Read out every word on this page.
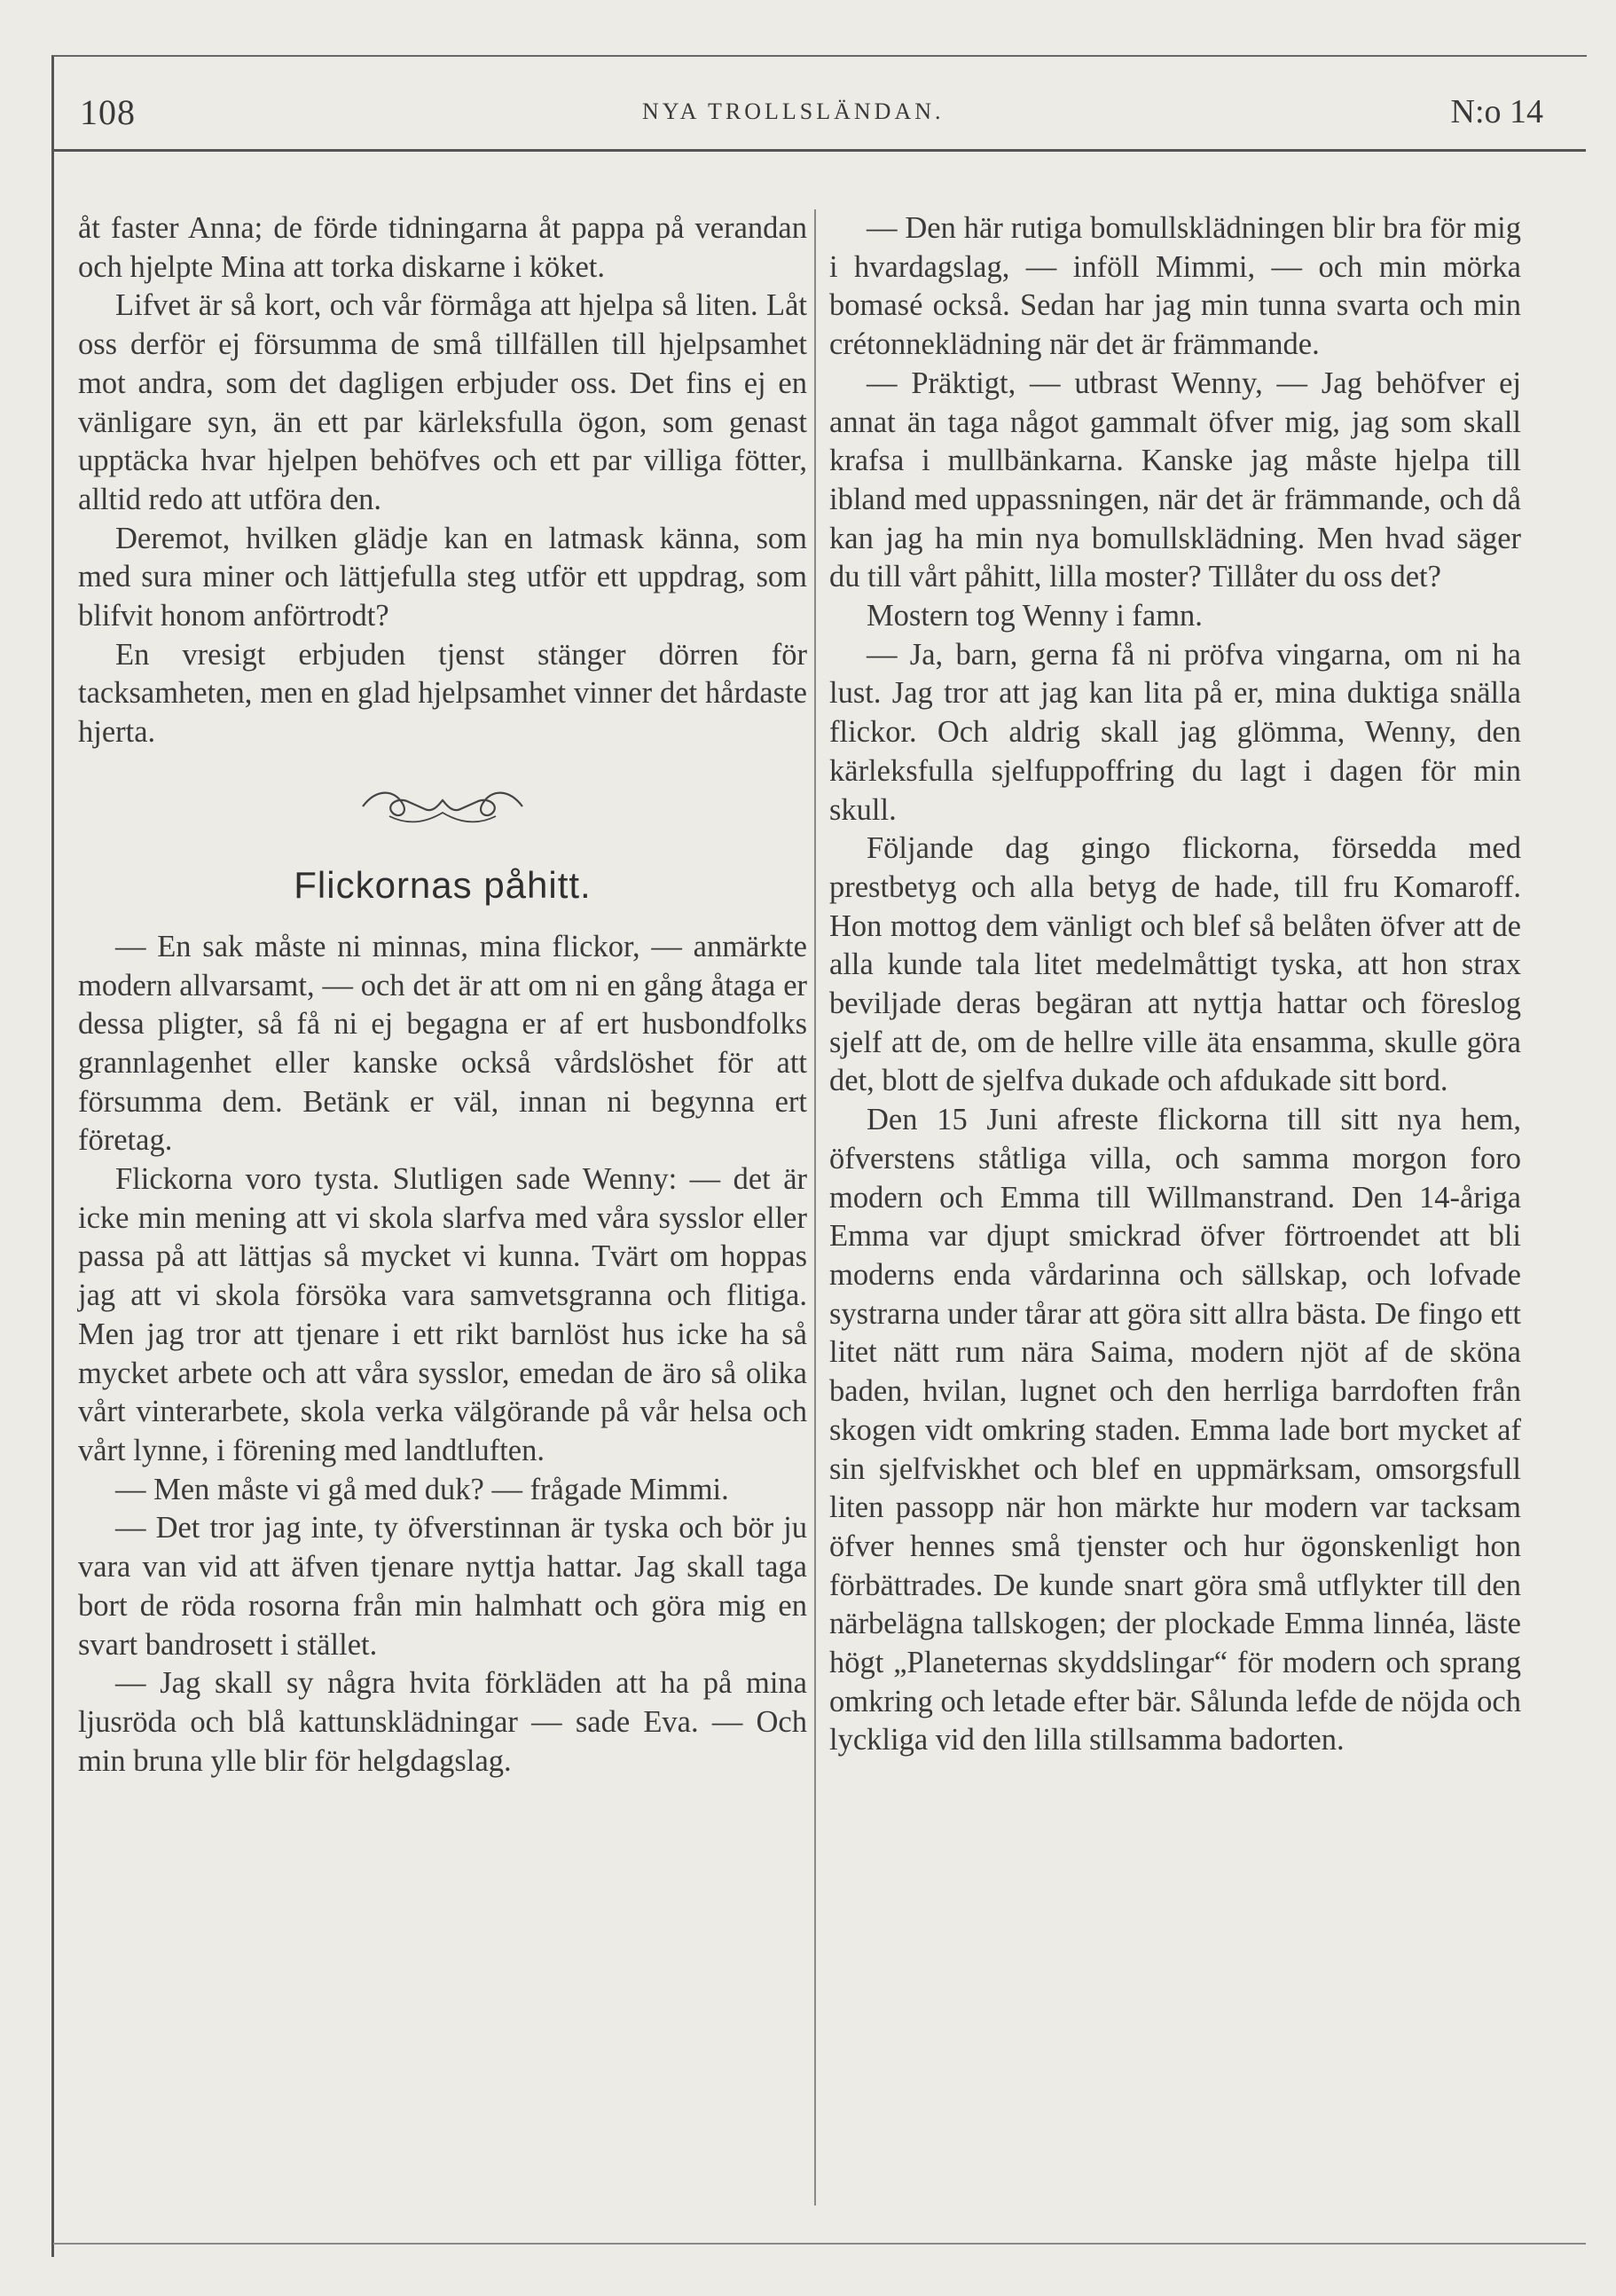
108	NYA TROLLSLÄNDAN.	N:o 14

åt faster Anna; de förde tidningarna åt pappa på verandan och hjelpte Mina att torka diskarne i köket.

Lifvet är så kort, och vår förmåga att hjelpa så liten. Låt oss derför ej försumma de små tillfällen till hjelpsamhet mot andra, som det dagligen erbjuder oss. Det fins ej en vänligare syn, än ett par kärleksfulla ögon, som genast upptäcka hvar hjelpen behöfves och ett par villiga fötter, alltid redo att utföra den.

Deremot, hvilken glädje kan en latmask känna, som med sura miner och lättjefulla steg utför ett uppdrag, som blifvit honom anförtrodt?

En vresigt erbjuden tjenst stänger dörren för tacksamheten, men en glad hjelpsamhet vinner det hårdaste hjerta.

Flickornas påhitt.

— En sak måste ni minnas, mina flickor, — anmärkte modern allvarsamt, — och det är att om ni en gång åtaga er dessa pligter, så få ni ej begagna er af ert husbondfolks grannlagenhet eller kanske också vårdslöshet för att försumma dem. Betänk er väl, innan ni begynna ert företag.

Flickorna voro tysta. Slutligen sade Wenny: — det är icke min mening att vi skola slarfva med våra sysslor eller passa på att lättjas så mycket vi kunna. Tvärt om hoppas jag att vi skola försöka vara samvetsgranna och flitiga. Men jag tror att tjenare i ett rikt barnlöst hus icke ha så mycket arbete och att våra sysslor, emedan de äro så olika vårt vinterarbete, skola verka välgörande på vår helsa och vårt lynne, i förening med landtluften.

— Men måste vi gå med duk? — frågade Mimmi.

— Det tror jag inte, ty öfverstinnan är tyska och bör ju vara van vid att äfven tjenare nyttja hattar. Jag skall taga bort de röda rosorna från min halmhatt och göra mig en svart bandrosett i stället.

— Jag skall sy några hvita förkläden att ha på mina ljusröda och blå kattunsklädningar — sade Eva. — Och min bruna ylle blir för helgdagslag.

— Den här rutiga bomullsklädningen blir bra för mig i hvardagslag, — inföll Mimmi, — och min mörka bomasé också. Sedan har jag min tunna svarta och min crétonneklädning när det är främmande.

— Präktigt, — utbrast Wenny, — Jag behöfver ej annat än taga något gammalt öfver mig, jag som skall krafsa i mullbänkarna. Kanske jag måste hjelpa till ibland med uppassningen, när det är främmande, och då kan jag ha min nya bomullsklädning. Men hvad säger du till vårt påhitt, lilla moster? Tillåter du oss det?

Mostern tog Wenny i famn.

— Ja, barn, gerna få ni pröfva vingarna, om ni ha lust. Jag tror att jag kan lita på er, mina duktiga snälla flickor. Och aldrig skall jag glömma, Wenny, den kärleksfulla sjelfuppoffring du lagt i dagen för min skull.

Följande dag gingo flickorna, försedda med prestbetyg och alla betyg de hade, till fru Komaroff. Hon mottog dem vänligt och blef så belåten öfver att de alla kunde tala litet medelmåttigt tyska, att hon strax beviljade deras begäran att nyttja hattar och föreslog sjelf att de, om de hellre ville äta ensamma, skulle göra det, blott de sjelfva dukade och afdukade sitt bord.

Den 15 Juni afreste flickorna till sitt nya hem, öfverstens ståtliga villa, och samma morgon foro modern och Emma till Willmanstrand. Den 14-åriga Emma var djupt smickrad öfver förtroendet att bli moderns enda vårdarinna och sällskap, och lofvade systrarna under tårar att göra sitt allra bästa. De fingo ett litet nätt rum nära Saima, modern njöt af de sköna baden, hvilan, lugnet och den herrliga barrdoften från skogen vidt omkring staden. Emma lade bort mycket af sin sjelfviskhet och blef en uppmärksam, omsorgsfull liten passopp när hon märkte hur modern var tacksam öfver hennes små tjenster och hur ögonskenligt hon förbättrades. De kunde snart göra små utflykter till den närbelägna tallskogen; der plockade Emma linnéa, läste högt „Planeternas skyddslingar“ för modern och sprang omkring och letade efter bär. Sålunda lefde de nöjda och lyckliga vid den lilla stillsamma badorten.
